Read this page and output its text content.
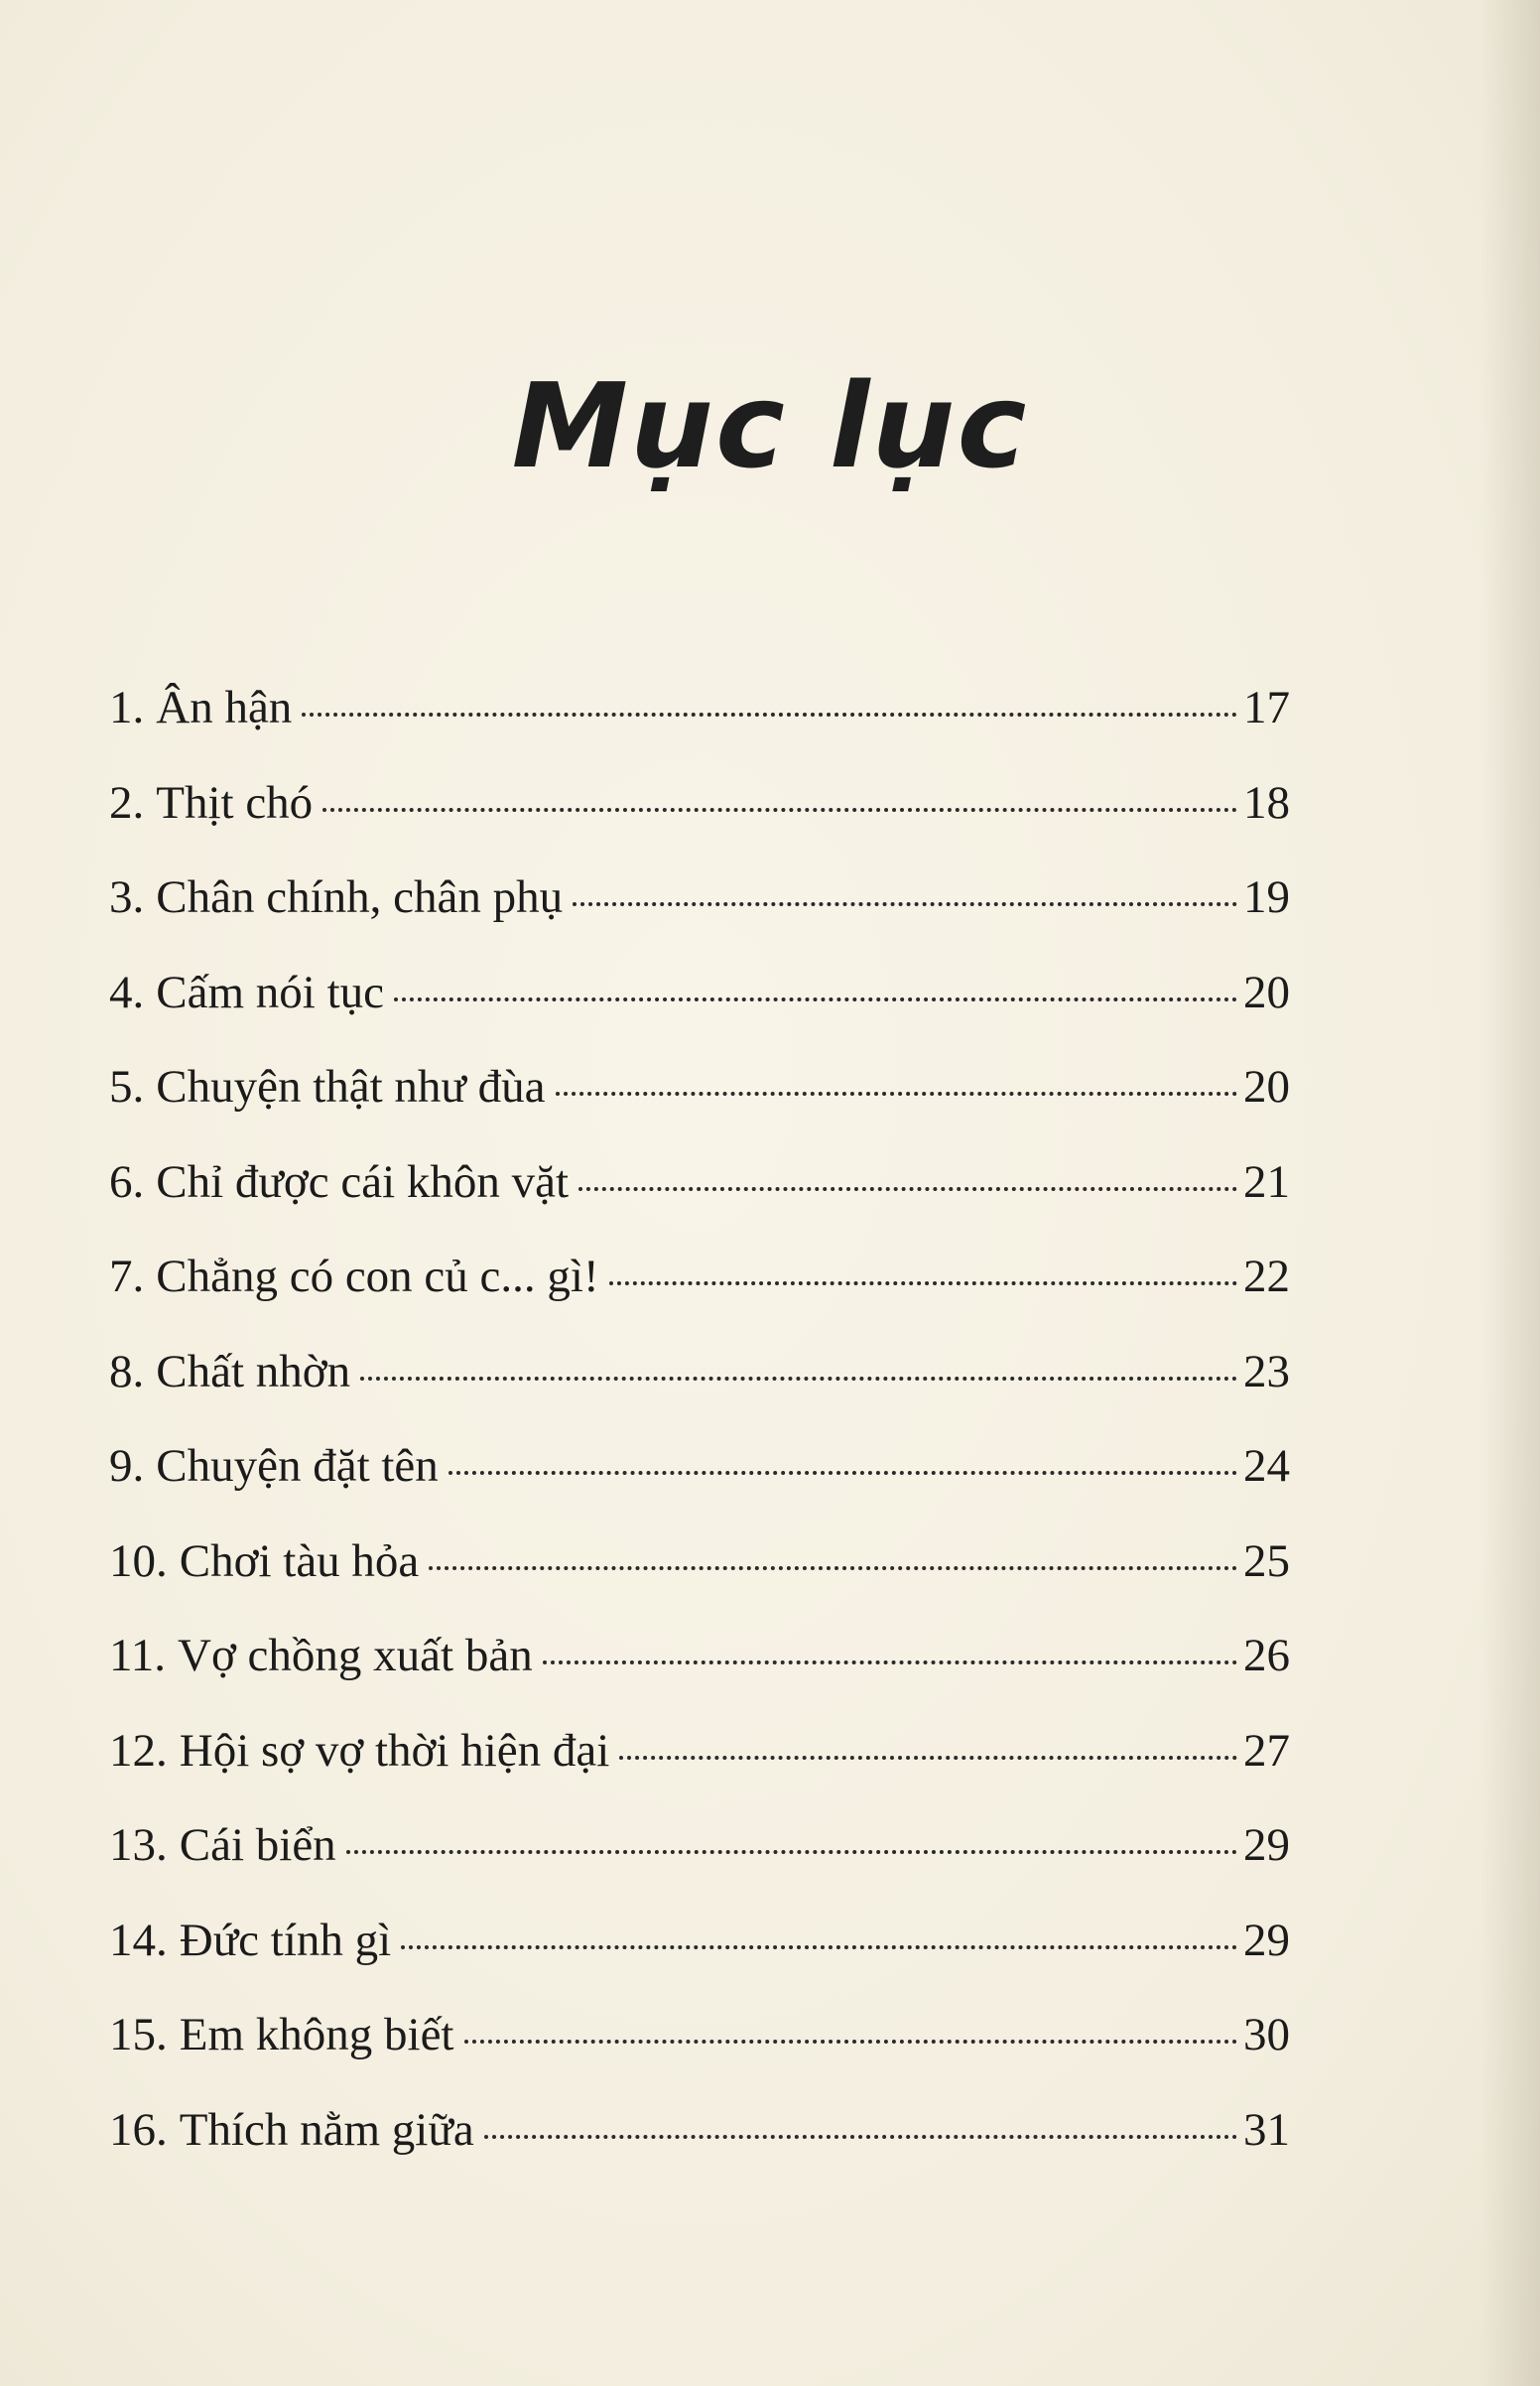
Mục lục
1. Ân hận	17
2. Thịt chó	18
3. Chân chính, chân phụ	19
4. Cấm nói tục	20
5. Chuyện thật như đùa	20
6. Chỉ được cái khôn vặt	21
7. Chẳng có con củ c... gì!	22
8. Chất nhờn	23
9. Chuyện đặt tên	24
10. Chơi tàu hỏa	25
11. Vợ chồng xuất bản	26
12. Hội sợ vợ thời hiện đại	27
13. Cái biển	29
14. Đức tính gì	29
15. Em không biết	30
16. Thích nằm giữa	31
